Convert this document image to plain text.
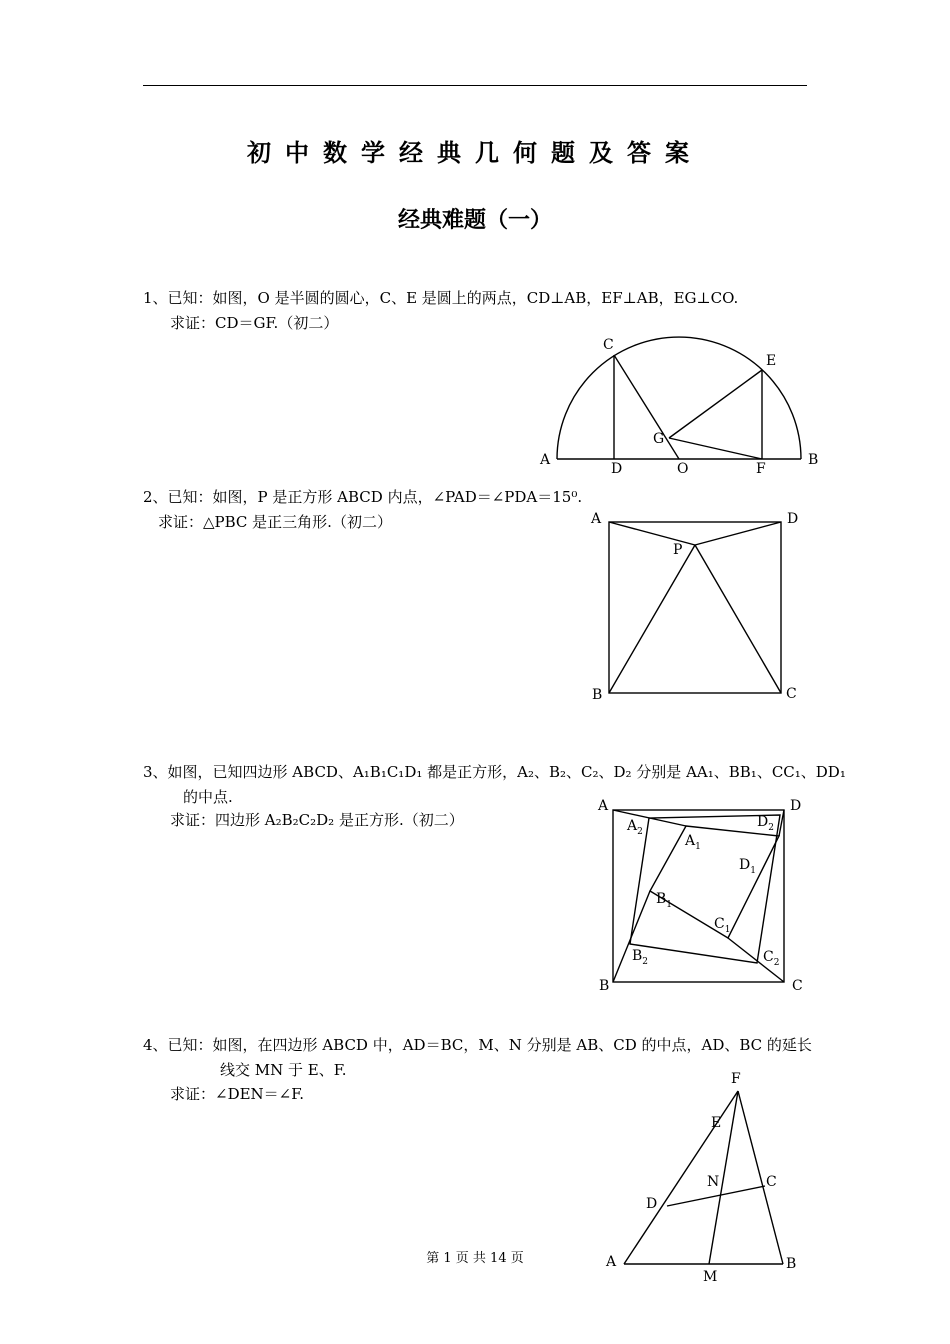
初中数学经典几何题及答案
经典难题（一）
1、已知：如图，O 是半圆的圆心，C、E 是圆上的两点，CD⊥AB，EF⊥AB，EG⊥CO.
求证：CD＝GF.（初二）
2、已知：如图，P 是正方形 ABCD 内点，∠PAD＝∠PDA＝15⁰.
求证：△PBC 是正三角形.（初二）
3、如图，已知四边形 ABCD、A₁B₁C₁D₁ 都是正方形，A₂、B₂、C₂、D₂ 分别是 AA₁、BB₁、CC₁、DD₁
的中点.
求证：四边形 A₂B₂C₂D₂ 是正方形.（初二）
4、已知：如图，在四边形 ABCD 中，AD＝BC，M、N 分别是 AB、CD 的中点，AD、BC 的延长
线交 MN 于 E、F.
求证：∠DEN＝∠F.
A	B
C
D
E
F
G
O
A	D
B	C
P
A	D
B	C
$A_2$
$D_2$
$A_1$
$D_1$
$B_1$
$C_1$
$B_2$	$C_2$
F
E
C
N
D
A	B
M
第 1 页 共 14 页
